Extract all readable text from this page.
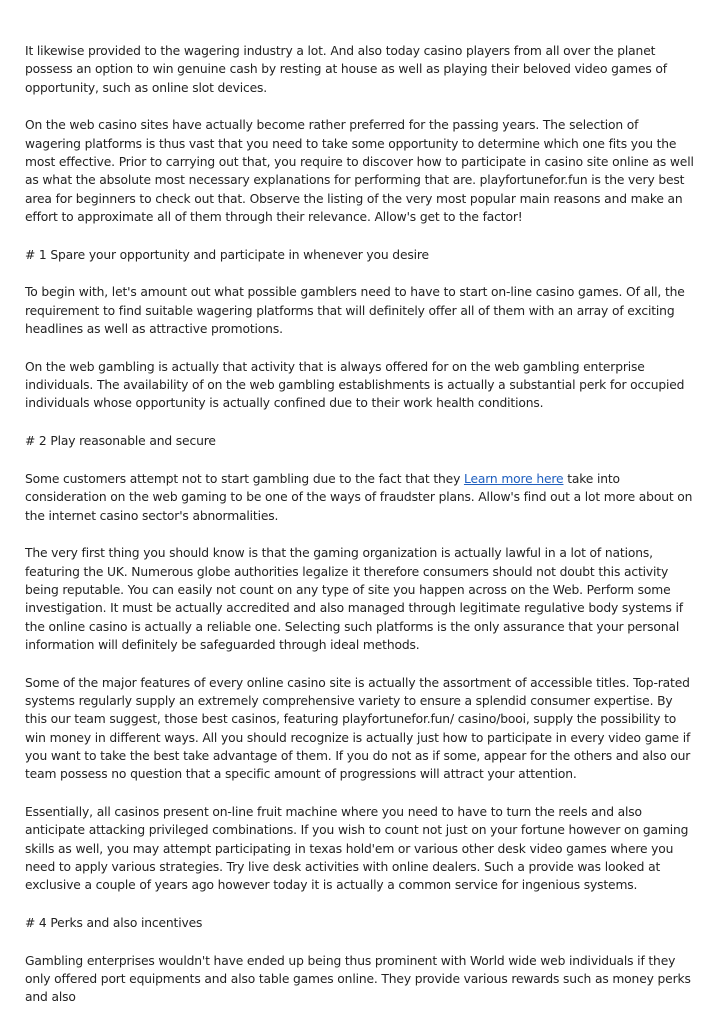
It likewise provided to the wagering industry a lot. And also today casino players from all over the planet possess an option to win genuine cash by resting at house as well as playing their beloved video games of opportunity, such as online slot devices.

On the web casino sites have actually become rather preferred for the passing years. The selection of wagering platforms is thus vast that you need to take some opportunity to determine which one fits you the most effective. Prior to carrying out that, you require to discover how to participate in casino site online as well as what the absolute most necessary explanations for performing that are. playfortunefor.fun is the very best area for beginners to check out that. Observe the listing of the very most popular main reasons and make an effort to approximate all of them through their relevance. Allow's get to the factor!

# 1 Spare your opportunity and participate in whenever you desire

To begin with, let's amount out what possible gamblers need to have to start on-line casino games. Of all, the requirement to find suitable wagering platforms that will definitely offer all of them with an array of exciting headlines as well as attractive promotions.

On the web gambling is actually that activity that is always offered for on the web gambling enterprise individuals. The availability of on the web gambling establishments is actually a substantial perk for occupied individuals whose opportunity is actually confined due to their work health conditions.

# 2 Play reasonable and secure

Some customers attempt not to start gambling due to the fact that they Learn more here take into consideration on the web gaming to be one of the ways of fraudster plans. Allow's find out a lot more about on the internet casino sector's abnormalities.

The very first thing you should know is that the gaming organization is actually lawful in a lot of nations, featuring the UK. Numerous globe authorities legalize it therefore consumers should not doubt this activity being reputable. You can easily not count on any type of site you happen across on the Web. Perform some investigation. It must be actually accredited and also managed through legitimate regulative body systems if the online casino is actually a reliable one. Selecting such platforms is the only assurance that your personal information will definitely be safeguarded through ideal methods.

Some of the major features of every online casino site is actually the assortment of accessible titles. Top-rated systems regularly supply an extremely comprehensive variety to ensure a splendid consumer expertise. By this our team suggest, those best casinos, featuring playfortunefor.fun/ casino/booi, supply the possibility to win money in different ways. All you should recognize is actually just how to participate in every video game if you want to take the best take advantage of them. If you do not as if some, appear for the others and also our team possess no question that a specific amount of progressions will attract your attention.

Essentially, all casinos present on-line fruit machine where you need to have to turn the reels and also anticipate attacking privileged combinations. If you wish to count not just on your fortune however on gaming skills as well, you may attempt participating in texas hold'em or various other desk video games where you need to apply various strategies. Try live desk activities with online dealers. Such a provide was looked at exclusive a couple of years ago however today it is actually a common service for ingenious systems.

# 4 Perks and also incentives

Gambling enterprises wouldn't have ended up being thus prominent with World wide web individuals if they only offered port equipments and also table games online. They provide various rewards such as money perks and also
